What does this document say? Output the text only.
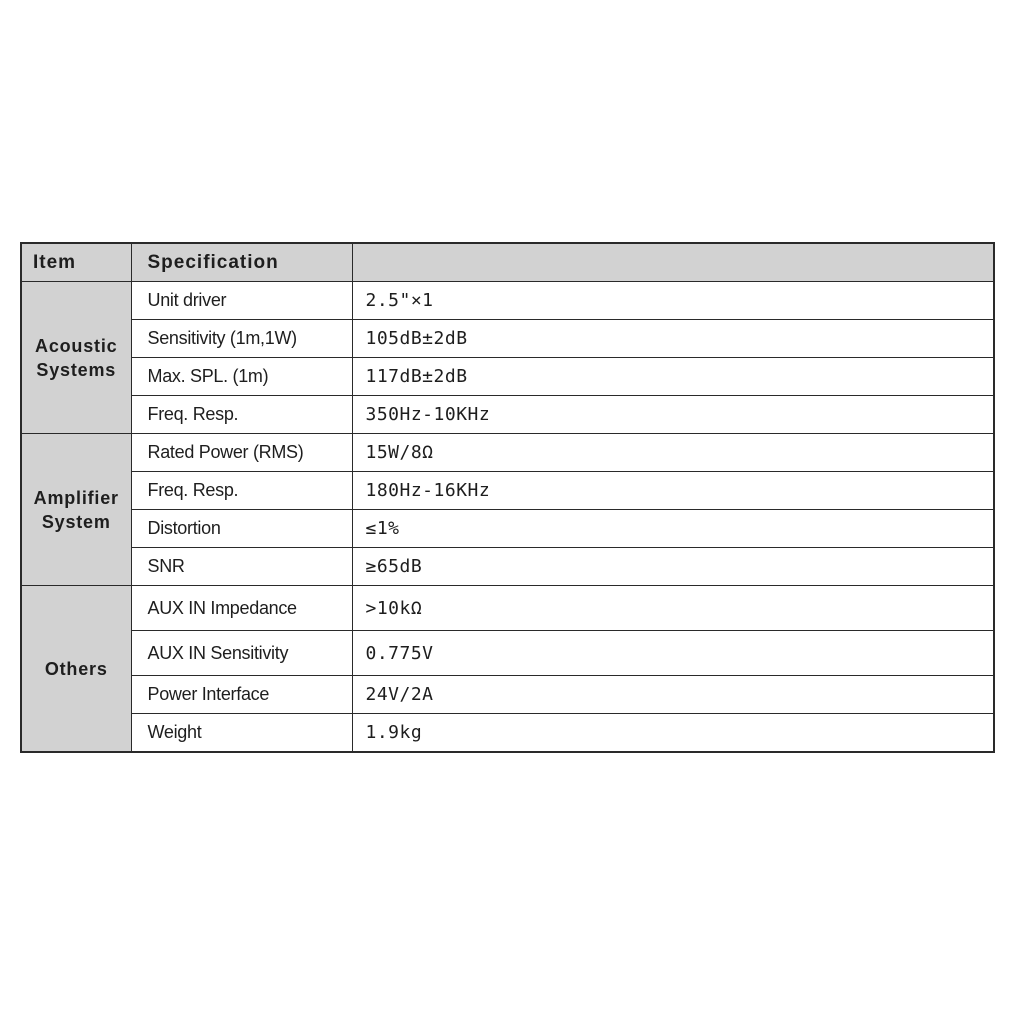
Item	Specification	
Acoustic
Systems	Unit driver	2.5"×1
	Sensitivity (1m,1W)	105dB±2dB
	Max. SPL. (1m)	117dB±2dB
	Freq. Resp.	350Hz-10KHz
Amplifier
System	Rated Power (RMS)	15W/8Ω
	Freq. Resp.	180Hz-16KHz
	Distortion	≤1%
	SNR	≥65dB
Others	AUX IN Impedance	>10kΩ
	AUX IN Sensitivity	0.775V
	Power Interface	24V/2A
	Weight	1.9kg
